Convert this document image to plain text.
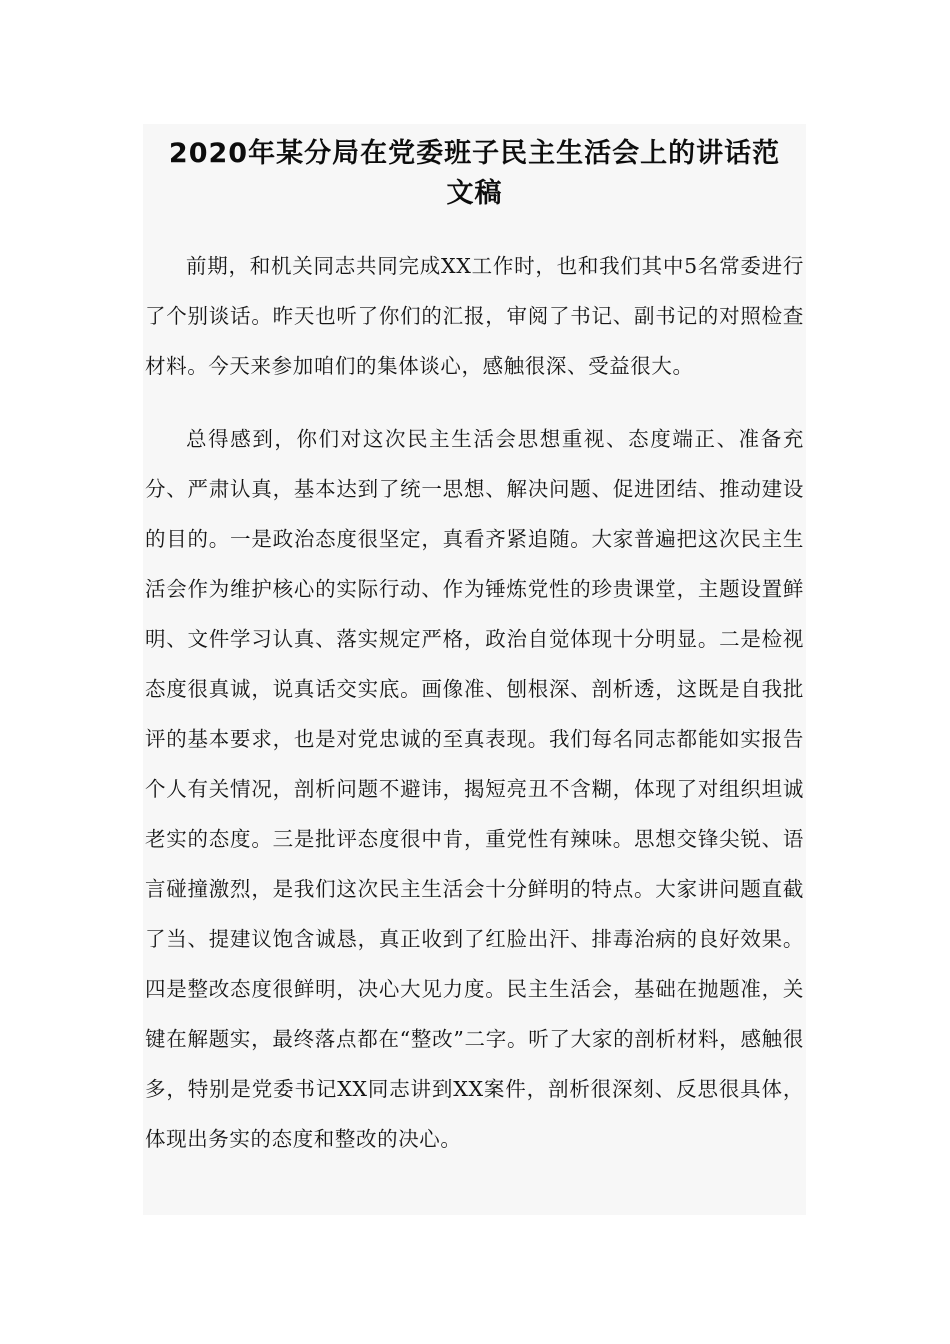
2020年某分局在党委班子民主生活会上的讲话范文稿

前期，和机关同志共同完成XX工作时，也和我们其中5名常委进行了个别谈话。昨天也听了你们的汇报，审阅了书记、副书记的对照检查材料。今天来参加咱们的集体谈心，感触很深、受益很大。

总得感到，你们对这次民主生活会思想重视、态度端正、准备充分、严肃认真，基本达到了统一思想、解决问题、促进团结、推动建设的目的。一是政治态度很坚定，真看齐紧追随。大家普遍把这次民主生活会作为维护核心的实际行动、作为锤炼党性的珍贵课堂，主题设置鲜明、文件学习认真、落实规定严格，政治自觉体现十分明显。二是检视态度很真诚，说真话交实底。画像准、刨根深、剖析透，这既是自我批评的基本要求，也是对党忠诚的至真表现。我们每名同志都能如实报告个人有关情况，剖析问题不避讳，揭短亮丑不含糊，体现了对组织坦诚老实的态度。三是批评态度很中肯，重党性有辣味。思想交锋尖锐、语言碰撞激烈，是我们这次民主生活会十分鲜明的特点。大家讲问题直截了当、提建议饱含诚恳，真正收到了红脸出汗、排毒治病的良好效果。四是整改态度很鲜明，决心大见力度。民主生活会，基础在抛题准，关键在解题实，最终落点都在“整改”二字。听了大家的剖析材料，感触很多，特别是党委书记XX同志讲到XX案件，剖析很深刻、反思很具体，体现出务实的态度和整改的决心。
